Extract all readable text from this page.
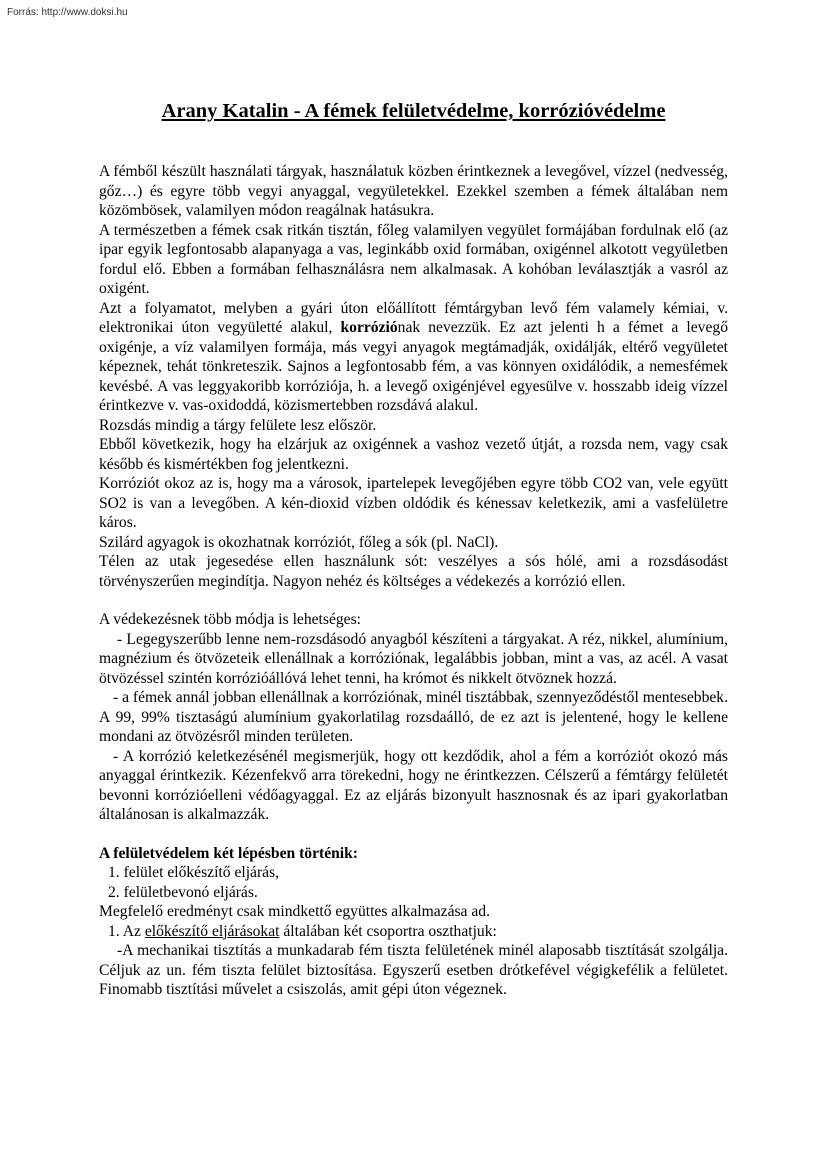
Forrás: http://www.doksi.hu
Arany Katalin - A fémek felületvédelme, korrózióvédelme

A fémből készült használati tárgyak, használatuk közben érintkeznek a levegővel, vízzel (nedvesség, gőz…) és egyre több vegyi anyaggal, vegyületekkel. Ezekkel szemben a fémek általában nem közömbösek, valamilyen módon reagálnak hatásukra.

A természetben a fémek csak ritkán tisztán, főleg valamilyen vegyület formájában fordulnak elő (az ipar egyik legfontosabb alapanyaga a vas, leginkább oxid formában, oxigénnel alkotott vegyületben fordul elő. Ebben a formában felhasználásra nem alkalmasak. A kohóban leválasztják a vasról az oxigént.

Azt a folyamatot, melyben a gyári úton előállított fémtárgyban levő fém valamely kémiai, v. elektronikai úton vegyületté alakul, korróziónak nevezzük. Ez azt jelenti h a fémet a levegő oxigénje, a víz valamilyen formája, más vegyi anyagok megtámadják, oxidálják, eltérő vegyületet képeznek, tehát tönkreteszik. Sajnos a legfontosabb fém, a vas könnyen oxidálódik, a nemesfémek kevésbé. A vas leggyakoribb korróziója, h. a levegő oxigénjével egyesülve v. hosszabb ideig vízzel érintkezve v. vas-oxidoddá, közismertebben rozsdává alakul.

Rozsdás mindig a tárgy felülete lesz először.

Ebből következik, hogy ha elzárjuk az oxigénnek a vashoz vezető útját, a rozsda nem, vagy csak később és kismértékben fog jelentkezni.

Korróziót okoz az is, hogy ma a városok, ipartelepek levegőjében egyre több CO2 van, vele együtt SO2 is van a levegőben. A kén-dioxid vízben oldódik és kénessav keletkezik, ami a vasfelületre káros.

Szilárd agyagok is okozhatnak korróziót, főleg a sók (pl. NaCl).

Télen az utak jegesedése ellen használunk sót: veszélyes a sós hólé, ami a rozsdásodást törvényszerűen megindítja. Nagyon nehéz és költséges a védekezés a korrózió ellen.

A védekezésnek több módja is lehetséges:

- Legegyszerűbb lenne nem-rozsdásodó anyagból készíteni a tárgyakat. A réz, nikkel, alumínium, magnézium és ötvözeteik ellenállnak a korróziónak, legalábbis jobban, mint a vas, az acél. A vasat ötvözéssel szintén korrózióállóvá lehet tenni, ha krómot és nikkelt ötvöznek hozzá.

- a fémek annál jobban ellenállnak a korróziónak, minél tisztábbak, szennyeződéstől mentesebbek. A 99, 99% tisztaságú alumínium gyakorlatilag rozsdaálló, de ez azt is jelentené, hogy le kellene mondani az ötvözésről minden területen.

- A korrózió keletkezésénél megismerjük, hogy ott kezdődik, ahol a fém a korróziót okozó más anyaggal érintkezik. Kézenfekvő arra törekedni, hogy ne érintkezzen. Célszerű a fémtárgy felületét bevonni korrózióelleni védőagyaggal. Ez az eljárás bizonyult hasznosnak és az ipari gyakorlatban általánosan is alkalmazzák.

A felületvédelem két lépésben történik:

1. felület előkészítő eljárás,

2. felületbevonó eljárás.

Megfelelő eredményt csak mindkettő együttes alkalmazása ad.

1. Az előkészítő eljárásokat általában két csoportra oszthatjuk:

-A mechanikai tisztítás a munkadarab fém tiszta felületének minél alaposabb tisztítását szolgálja. Céljuk az un. fém tiszta felület biztosítása. Egyszerű esetben drótkefével végigkefélik a felületet. Finomabb tisztítási művelet a csiszolás, amit gépi úton végeznek.
